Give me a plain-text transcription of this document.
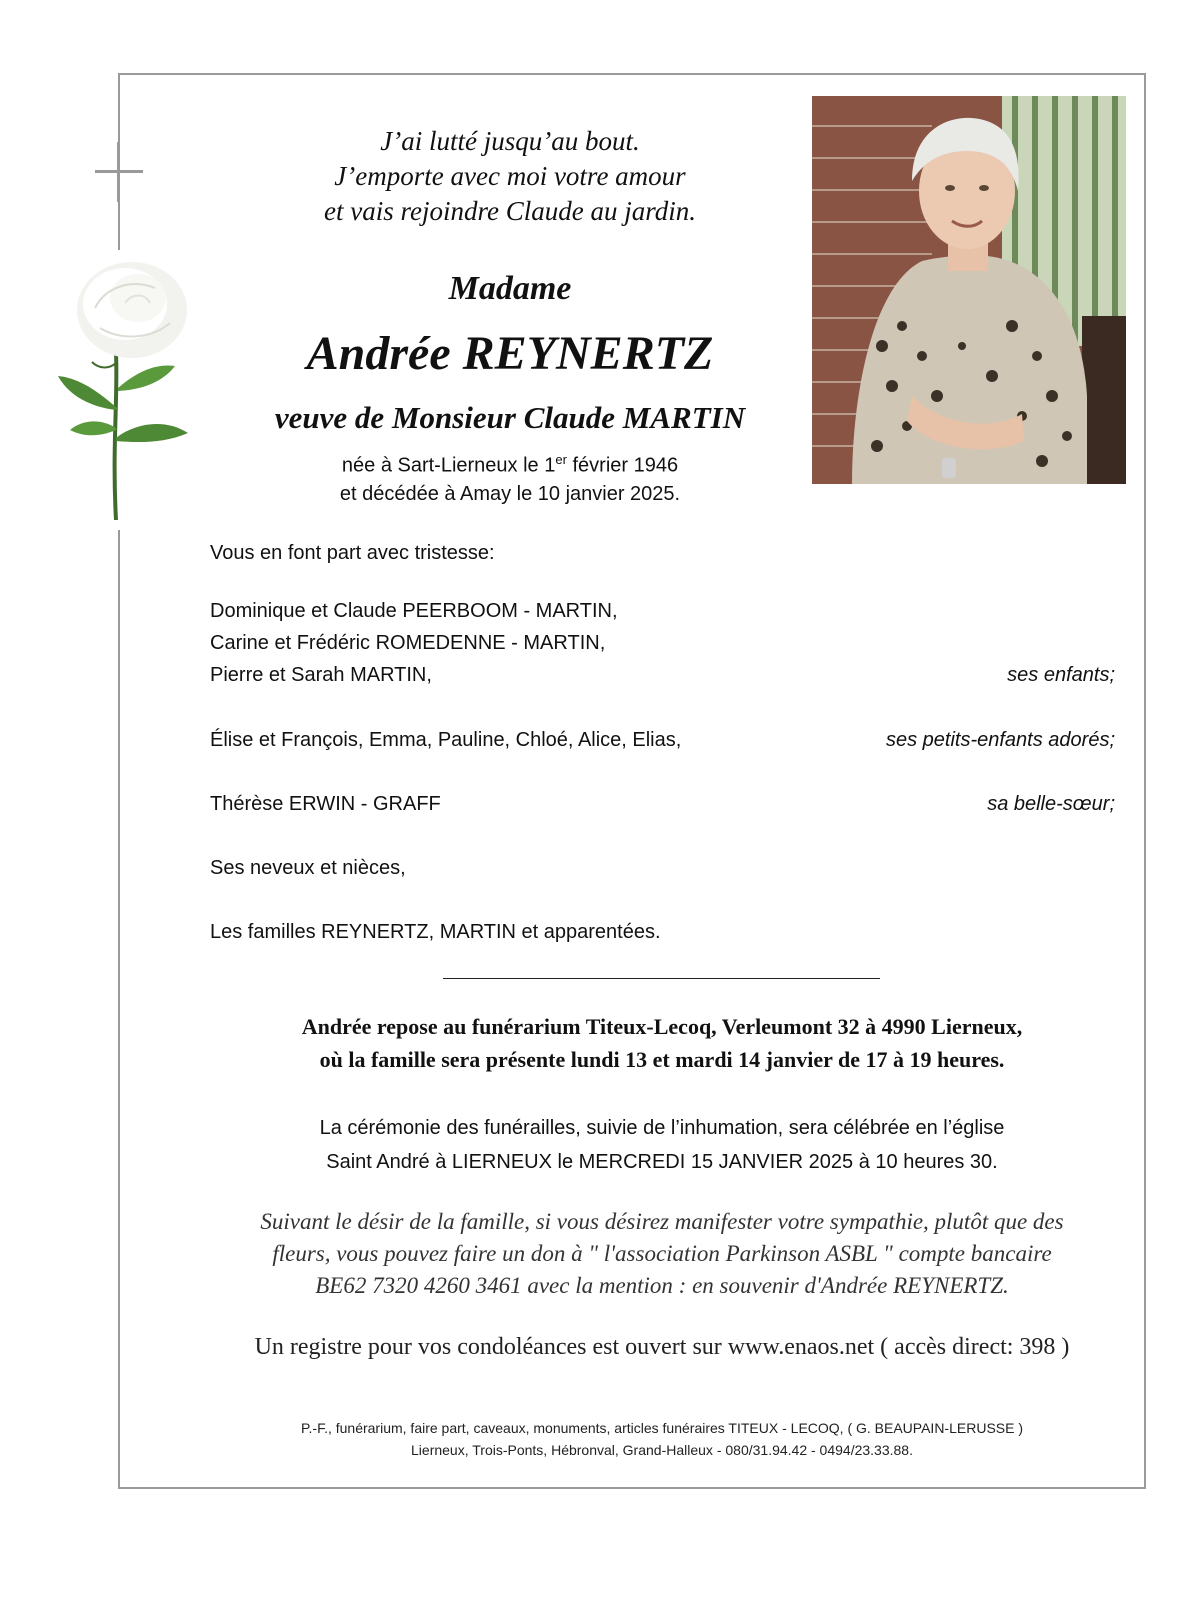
J’ai lutté jusqu’au bout.
J’emporte avec moi votre amour
et vais rejoindre Claude au jardin.
Madame
Andrée REYNERTZ
veuve de Monsieur Claude MARTIN
née à Sart-Lierneux le 1er février 1946
et décédée à Amay le 10 janvier 2025.
Vous en font part avec tristesse:
Dominique et Claude PEERBOOM - MARTIN,
Carine et Frédéric ROMEDENNE - MARTIN,
Pierre et Sarah MARTIN,	ses enfants;
Élise et François, Emma, Pauline, Chloé, Alice, Elias,	ses petits-enfants adorés;
Thérèse ERWIN - GRAFF	sa belle-sœur;
Ses neveux et nièces,
Les familles REYNERTZ, MARTIN et apparentées.
Andrée repose au funérarium Titeux-Lecoq, Verleumont 32 à 4990 Lierneux,
où la famille sera présente lundi 13 et mardi 14 janvier de 17 à 19 heures.
La cérémonie des funérailles, suivie de l’inhumation, sera célébrée en l’église
Saint André à LIERNEUX le MERCREDI 15 JANVIER 2025 à 10 heures 30.
Suivant le désir de la famille, si vous désirez manifester votre sympathie, plutôt que des
fleurs, vous pouvez faire un don à " l'association Parkinson ASBL " compte bancaire
BE62 7320 4260 3461 avec la mention : en souvenir d'Andrée REYNERTZ.
Un registre pour vos condoléances est ouvert sur www.enaos.net ( accès direct: 398 )
P.-F., funérarium, faire part, caveaux, monuments, articles funéraires TITEUX - LECOQ, ( G. BEAUPAIN-LERUSSE )
Lierneux, Trois-Ponts, Hébronval, Grand-Halleux - 080/31.94.42 - 0494/23.33.88.
